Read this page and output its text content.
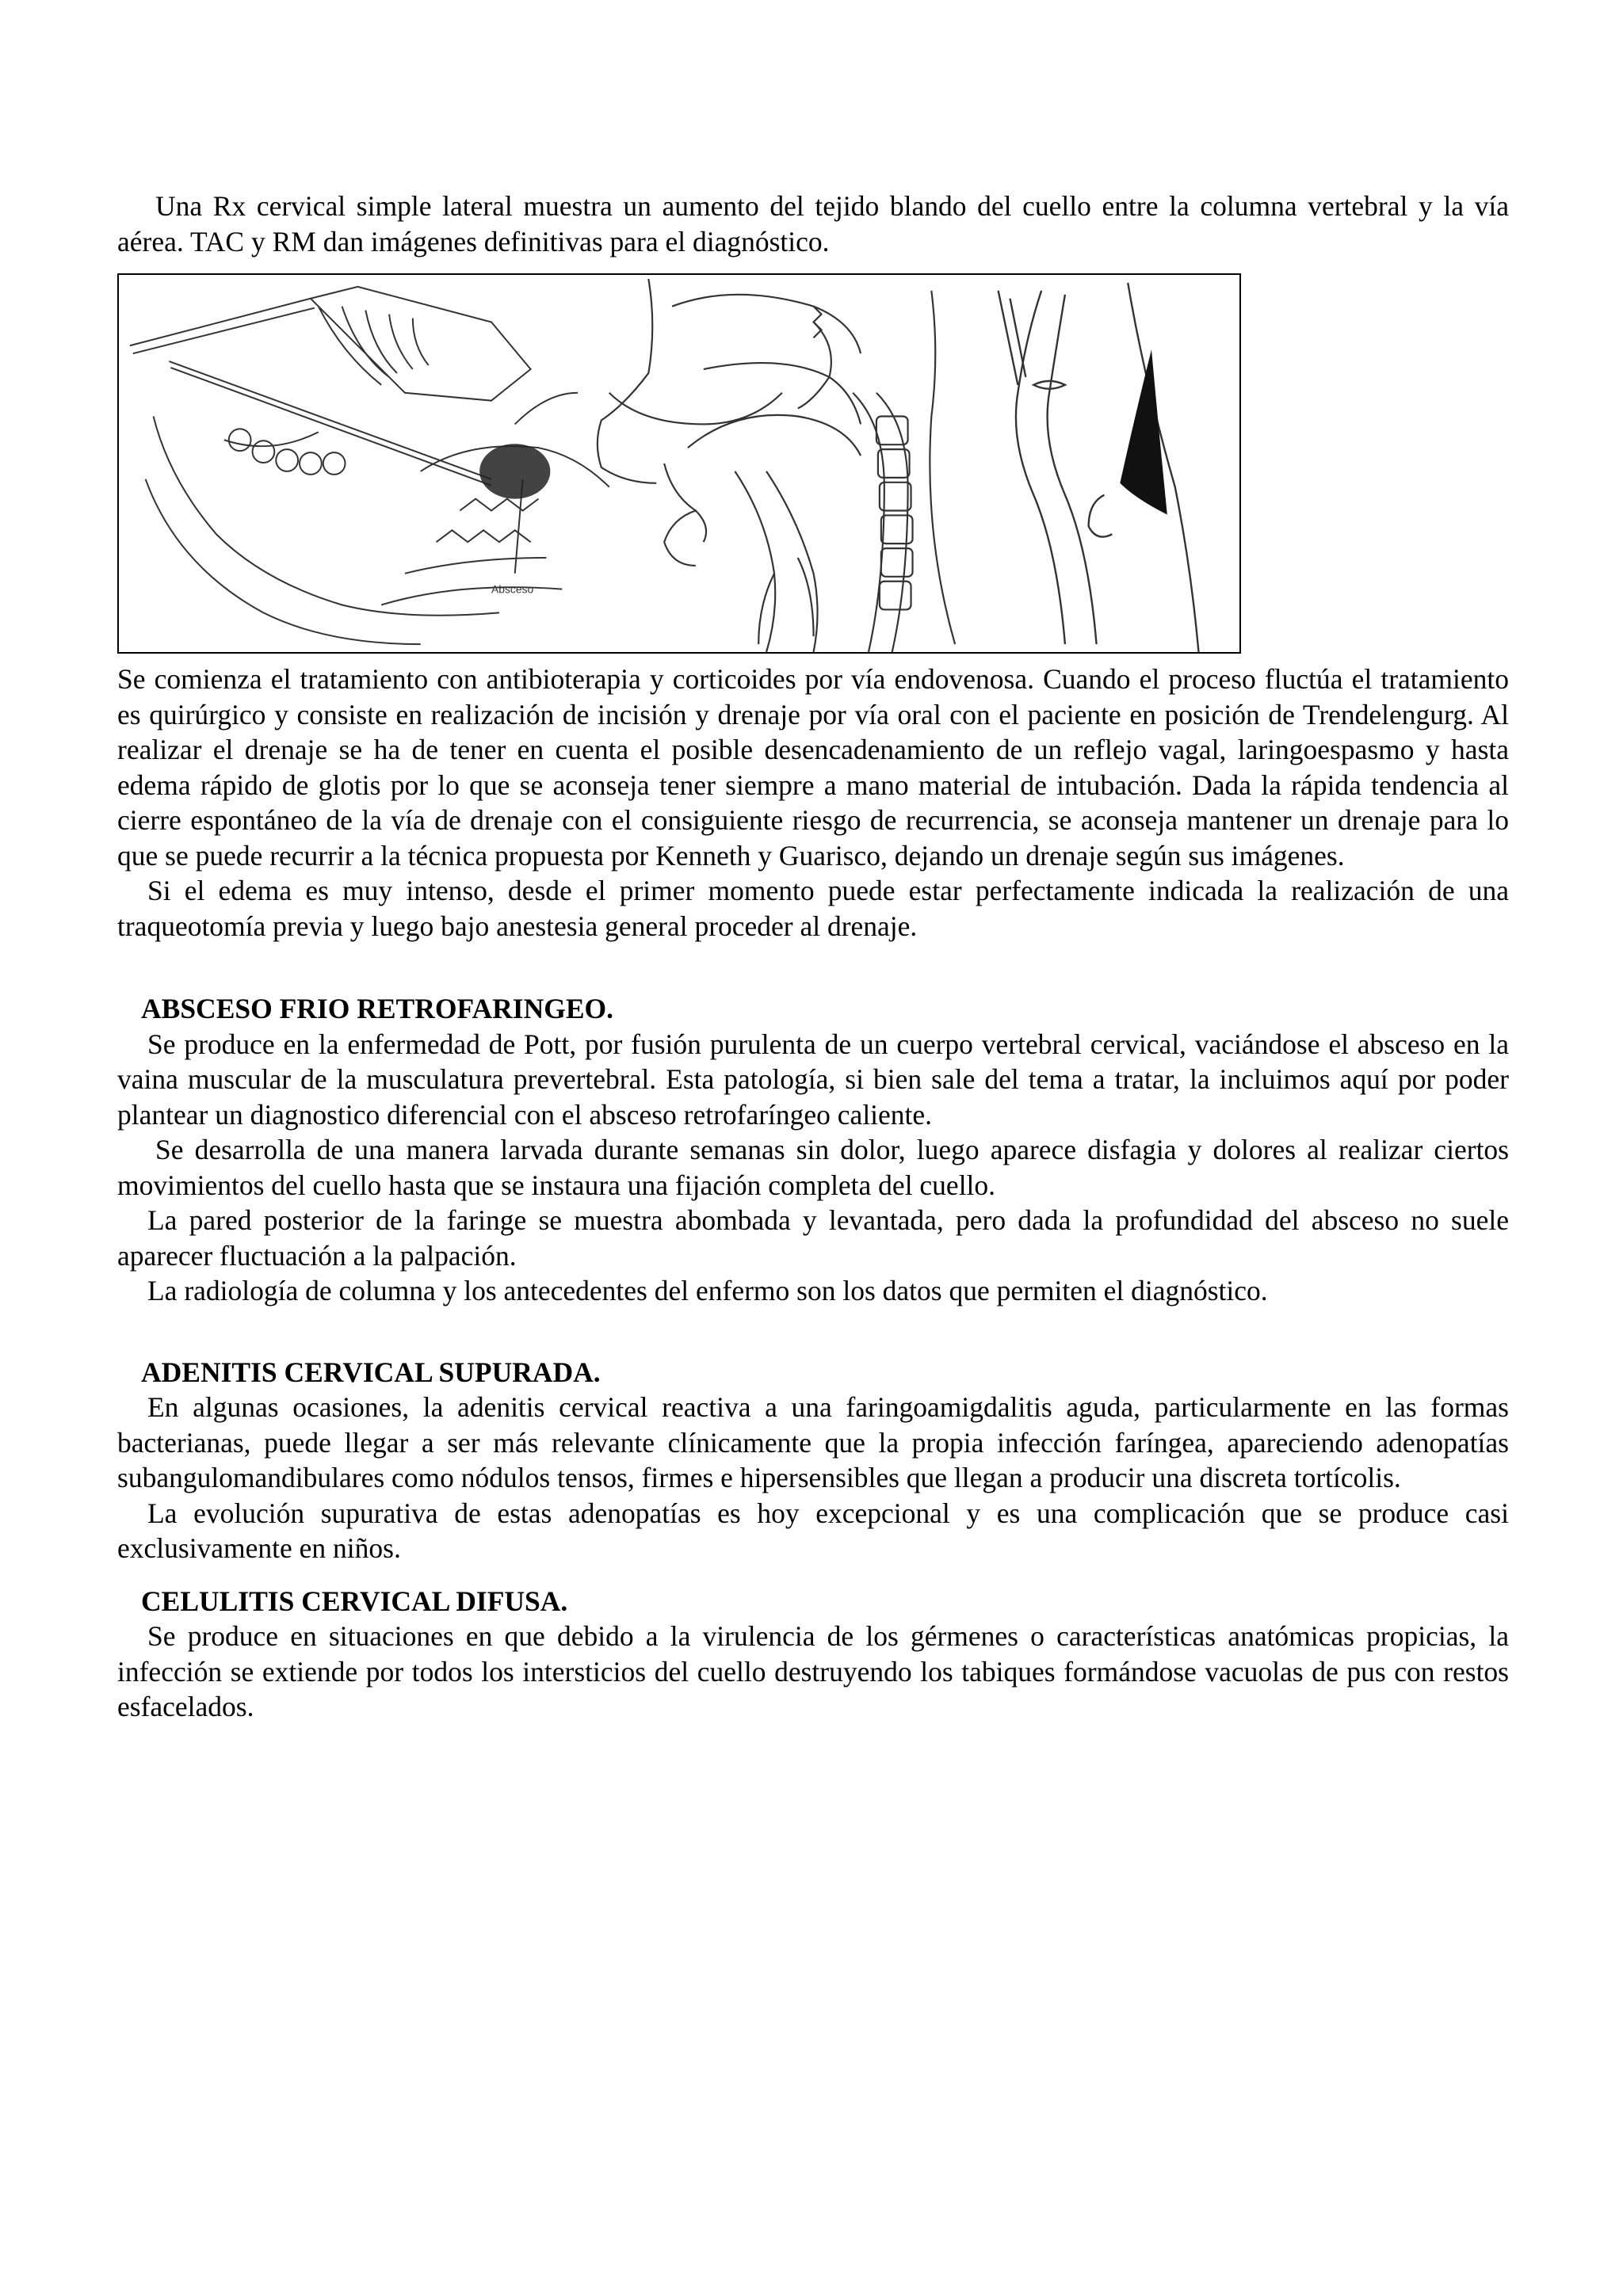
Una Rx cervical simple lateral muestra un aumento del tejido blando del cuello entre la columna vertebral y la vía aérea. TAC y RM dan imágenes definitivas para el diagnóstico.

Absceso

Se comienza el tratamiento con antibioterapia y corticoides por vía endovenosa. Cuando el proceso fluctúa el tratamiento es quirúrgico y consiste en realización de incisión y drenaje por vía oral con el paciente en posición de Trendelengurg. Al realizar el drenaje se ha de tener en cuenta el posible desencadenamiento de un reflejo vagal, laringoespasmo y hasta edema rápido de glotis por lo que se aconseja tener siempre a mano material de intubación. Dada la rápida tendencia al cierre espontáneo de la vía de drenaje con el consiguiente riesgo de recurrencia, se aconseja mantener un drenaje para lo que se puede recurrir a la técnica propuesta por Kenneth y Guarisco, dejando un drenaje según sus imágenes.

Si el edema es muy intenso, desde el primer momento puede estar perfectamente indicada la realización de una traqueotomía previa y luego bajo anestesia general proceder al drenaje.

ABSCESO FRIO RETROFARINGEO.

Se produce en la enfermedad de Pott, por fusión purulenta de un cuerpo vertebral cervical, vaciándose el absceso en la vaina muscular de la musculatura prevertebral. Esta patología, si bien sale del tema a tratar, la incluimos aquí por poder plantear un diagnostico diferencial con el absceso retrofaríngeo caliente.

Se desarrolla de una manera larvada durante semanas sin dolor, luego aparece disfagia y dolores al realizar ciertos movimientos del cuello hasta que se instaura una fijación completa del cuello.

La pared posterior de la faringe se muestra abombada y levantada, pero dada la profundidad del absceso no suele aparecer fluctuación a la palpación.

La radiología de columna y los antecedentes del enfermo son los datos que permiten el diagnóstico.

ADENITIS CERVICAL SUPURADA.

En algunas ocasiones, la adenitis cervical reactiva a una faringoamigdalitis aguda, particularmente en las formas bacterianas, puede llegar a ser más relevante clínicamente que la propia infección faríngea, apareciendo adenopatías subangulomandibulares como nódulos tensos, firmes e hipersensibles que llegan a producir una discreta tortícolis.

La evolución supurativa de estas adenopatías es hoy excepcional y es una complicación que se produce casi exclusivamente en niños.

CELULITIS CERVICAL DIFUSA.

Se produce en situaciones en que debido a la virulencia de los gérmenes o características anatómicas propicias, la infección se extiende por todos los intersticios del cuello destruyendo los tabiques formándose vacuolas de pus con restos esfacelados.
